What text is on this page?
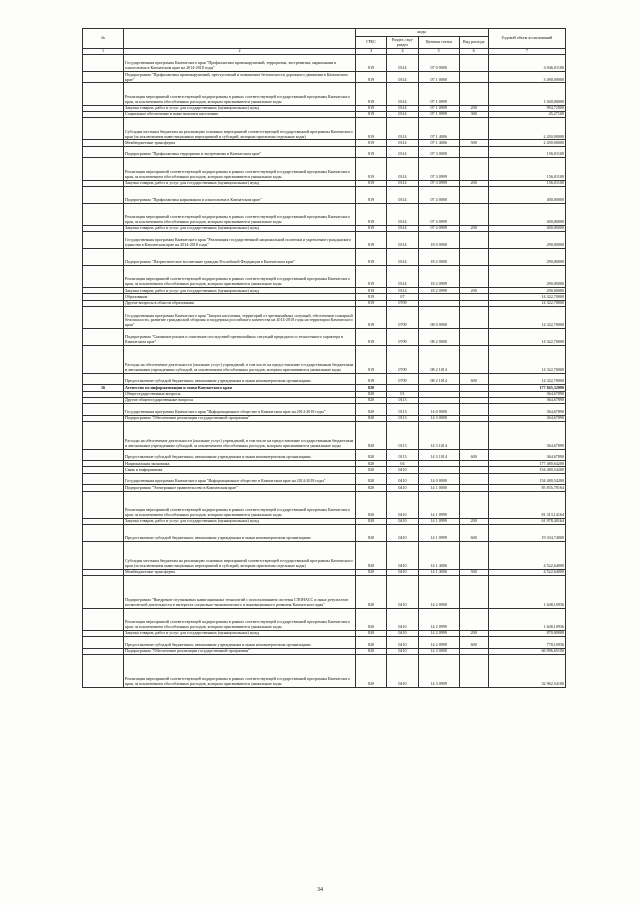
№		коды				Годовой объем ассигнований
		ГРБС	Раздел, под-раздел	Целевая статья	Вид расхода	
1	2	3	4	5	6	7
	Государственная программа Камчатского края "Профилактика правонарушений, терроризма, экстремизма, наркомании и алкоголизма в Камчатском крае на 2014-2018 годы"	819	0314	07 0 0000		4 046,01100
	Подпрограмма "Профилактика правонарушений, преступлений и повышение безопасности дорожного движения в Камчатском крае"	819	0314	07 1 0000		3 490,00000
	Реализация мероприятий соответствующей подпрограммы в рамках соответствующей государственной программы Камчатского края, за исключением обособленных расходов, которым присваиваются уникальные коды	819	0314	07 1 0999		1 040,00000
	Закупка товаров, работ и услуг для государственных (муниципальных) нужд	819	0314	07 1 0999	200	994,72900
	Социальное обеспечение и иные выплаты населению	819	0314	07 1 0999	300	45,27100
	Субсидии местным бюджетам на реализацию основных мероприятий соответствующей государственной программы Камчатского края (за исключением инвестиционных мероприятий и субсидий, которым присвоены отдельные коды)	819	0314	07 1 4006		2 450,00000
	Межбюджетные трансферты	819	0314	07 1 4006	500	2 450,00000
	Подпрограмма "Профилактика терроризма и экстремизма в Камчатском крае"	819	0314	07 3 0000		156,01100
	Реализация мероприятий соответствующей подпрограммы в рамках соответствующей государственной программы Камчатского края, за исключением обособленных расходов, которым присваиваются уникальные коды	819	0314	07 3 0999		156,01100
	Закупка товаров, работ и услуг для государственных (муниципальных) нужд	819	0314	07 3 0999	200	156,01100
	Подпрограмма "Профилактика наркомании и алкоголизма в Камчатском крае"	819	0314	07 4 0000		400,00000
	Реализация мероприятий соответствующей подпрограммы в рамках соответствующей государственной программы Камчатского края, за исключением обособленных расходов, которым присваиваются уникальные коды	819	0314	07 4 0999		400,00000
	Закупка товаров, работ и услуг для государственных (муниципальных) нужд	819	0314	07 4 0999	200	400,00000
	Государственная программа Камчатского края "Реализация государственной национальной политики и укрепление гражданского единства в Камчатском крае на 2014-2018 годы"	819	0314	18 0 0000		290,00000
	Подпрограмма "Патриотическое воспитание граждан Российской Федерации в Камчатском крае"	819	0314	18 2 0000		290,00000
	Реализация мероприятий соответствующей подпрограммы в рамках соответствующей государственной программы Камчатского края, за исключением обособленных расходов, которым присваиваются уникальные коды	819	0314	18 2 0999		290,00000
	Закупка товаров, работ и услуг для государственных (муниципальных) нужд	819	0314	18 2 0999	200	290,00000
	Образование	819	07			14 322,70000
	Другие вопросы в области образования	819	0709			14 322,70000
	Государственная программа Камчатского края "Защита населения, территорий от чрезвычайных ситуаций, обеспечение пожарной безопасности, развитие гражданской обороны и поддержка российского казачества на 2014-2018 годы на территории Камчатского края"	819	0709	08 0 0000		14 322,70000
	Подпрограмма "Снижение рисков и смягчение последствий чрезвычайных ситуаций природного и техногенного характера в Камчатском крае"	819	0709	08 2 0000		14 322,70000
	Расходы на обеспечение деятельности (оказание услуг) учреждений, в том числе на предоставление государственным бюджетным и автономным учреждениям субсидий, за исключением обособленных расходов, которым присваиваются уникальные коды	819	0709	08 2 1014		14 322,70000
	Предоставление субсидий бюджетным, автономным учреждениям и иным некоммерческим организациям	819	0709	08 2 1014	600	14 322,70000
16	Агентство по информатизации и связи Камчатского края	820				177 845,32090
	Общегосударственные вопросы	820	01			364,67890
	Другие общегосударственные вопросы	820	0113			364,67890
	Государственная программа Камчатского края "Информационное общество в Камчатском крае на 2014-2018 годы"	820	0113	14 0 0000		364,67890
	Подпрограмма "Обеспечение реализации государственной программы"	820	0113	14 3 0000		364,67890
	Расходы на обеспечение деятельности (оказание услуг) учреждений, в том числе на предоставление государственным бюджетным и автономным учреждениям субсидий, за исключением обособленных расходов, которым присваиваются уникальные коды	820	0113	14 3 1014		364,67890
	Предоставление субсидий бюджетным, автономным учреждениям и иным некоммерческим организациям	820	0113	14 3 1014	600	364,67890
	Национальная экономика	820	04			177 480,64200
	Связь и информатика	820	0410			154 480,54200
	Государственная программа Камчатского края "Информационное общество в Камчатском крае на 2014-2018 годы"	820	0410	14 0 0000		154 480,54200
	Подпрограмма "Электронное правительство в Камчатском крае"	820	0410	14 1 0000		85 835,78164
	Реализация мероприятий соответствующей подпрограммы в рамках соответствующей государственной программы Камчатского края, за исключением обособленных расходов, которым присваиваются уникальные коды	820	0410	14 1 0999		81 313,14164
	Закупка товаров, работ и услуг для государственных (муниципальных) нужд	820	0410	14 1 0999	200	61 978,40164
	Предоставление субсидий бюджетным, автономным учреждениям и иным некоммерческим организациям	820	0410	14 1 0999	600	19 334,74000
	Субсидии местным бюджетам на реализацию основных мероприятий соответствующей государственной программы Камчатского края (за исключением инвестиционных мероприятий и субсидий, которым присвоены отдельные коды)	820	0410	14 1 4006		4 522,64000
	Межбюджетные трансферты	820	0410	14 1 4006	500	4 522,64000
	Подпрограмма "Внедрение спутниковых навигационных технологий с использованием системы ГЛОНАСС и иных результатов космической деятельности в интересах социально-экономического и инновационного развития Камчатского края"	820	0410	14 2 0000		1 648,10936
	Реализация мероприятий соответствующей подпрограммы в рамках соответствующей государственной программы Камчатского края, за исключением обособленных расходов, которым присваиваются уникальные коды	820	0410	14 2 0999		1 648,10936
	Закупка товаров, работ и услуг для государственных (муниципальных) нужд	820	0410	14 2 0999	200	870,00000
	Предоставление субсидий бюджетным, автономным учреждениям и иным некоммерческим организациям	820	0410	14 2 0999	600	778,10936
	Подпрограмма "Обеспечение реализации государственной программы"	820	0410	14 3 0000		66 996,65100
	Реализация мероприятий соответствующей подпрограммы в рамках соответствующей государственной программы Камчатского края, за исключением обособленных расходов, которым присваиваются уникальные коды	820	0410	14 3 0999		32 962,54100
34
